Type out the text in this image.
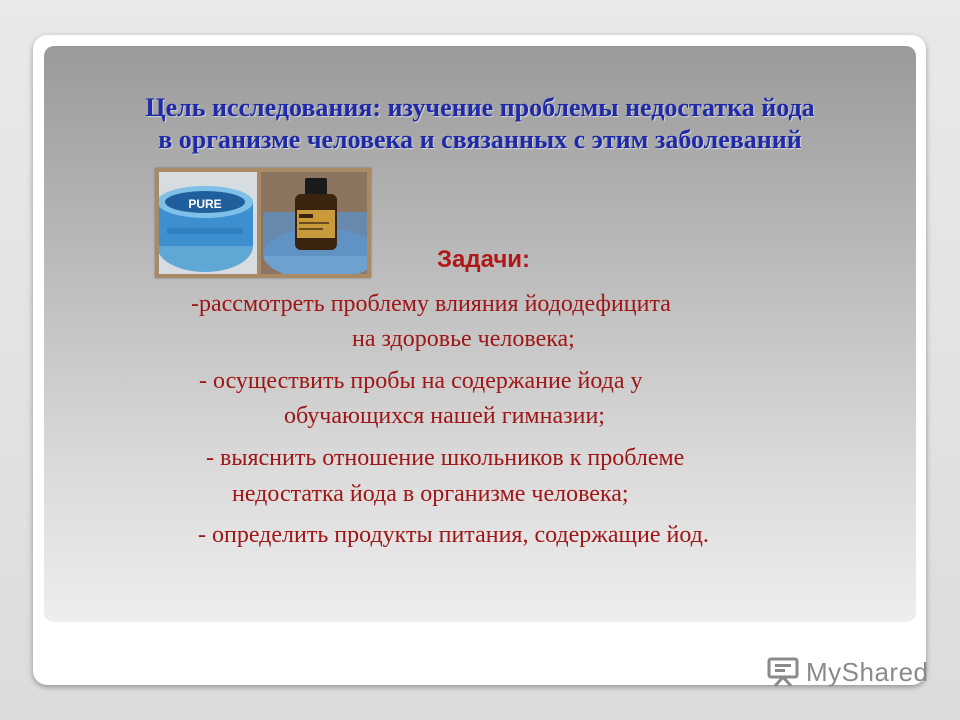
Цель исследования: изучение проблемы недостатка йода
в организме человека и связанных с этим заболеваний
PURE
Задачи:
-рассмотреть проблему влияния йододефицита
на здоровье человека;
- осуществить пробы на содержание йода у
обучающихся нашей гимназии;
- выяснить отношение школьников к проблеме
недостатка йода в организме человека;
- определить продукты питания, содержащие йод.
MyShared
